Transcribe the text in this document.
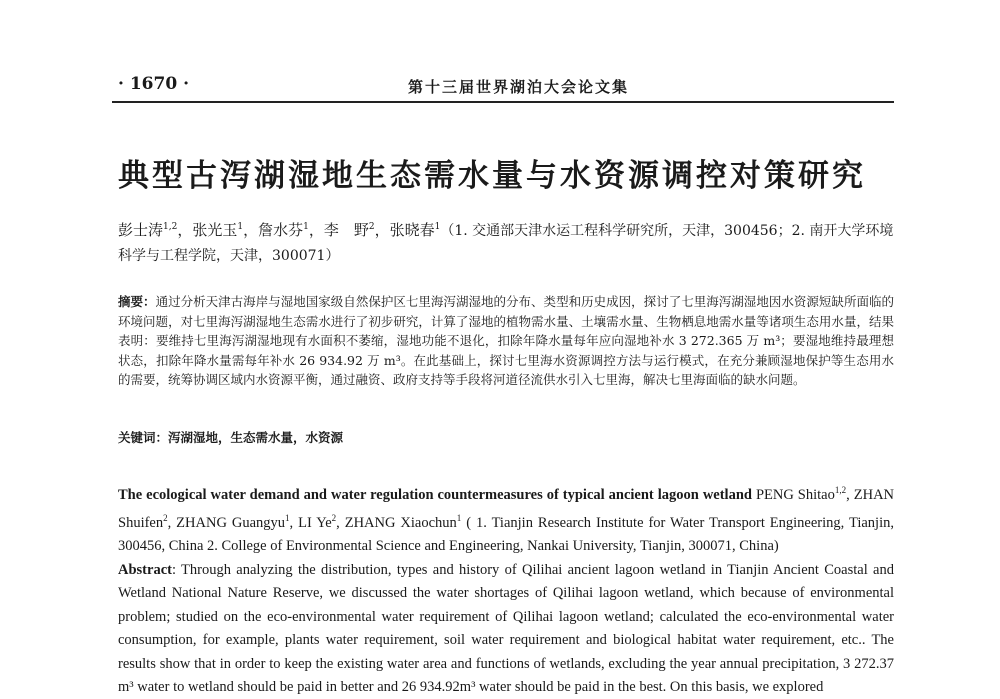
· 1670 ·	第十三届世界湖泊大会论文集
典型古泻湖湿地生态需水量与水资源调控对策研究
彭士涛$^{1,2}$，张光玉$^1$，詹水芬$^1$，李　野$^2$，张晓春$^1$（1. 交通部天津水运工程科学研究所，天津，300456；2. 南开大学环境科学与工程学院，天津，300071）
摘要：通过分析天津古海岸与湿地国家级自然保护区七里海泻湖湿地的分布、类型和历史成因，探讨了七里海泻湖湿地因水资源短缺所面临的环境问题，对七里海泻湖湿地生态需水进行了初步研究，计算了湿地的植物需水量、土壤需水量、生物栖息地需水量等诸项生态用水量，结果表明：要维持七里海泻湖湿地现有水面积不萎缩，湿地功能不退化，扣除年降水量每年应向湿地补水 3 272.365 万 m³；要湿地维持最理想状态，扣除年降水量需每年补水 26 934.92 万 m³。在此基础上，探讨七里海水资源调控方法与运行模式，在充分兼顾湿地保护等生态用水的需要，统筹协调区域内水资源平衡，通过融资、政府支持等手段将河道径流供水引入七里海，解决七里海面临的缺水问题。
关键词：泻湖湿地，生态需水量，水资源
The ecological water demand and water regulation countermeasures of typical ancient lagoon wetland PENG Shitao$^{1,2}$, ZHAN Shuifen$^2$, ZHANG Guangyu$^1$, LI Ye$^2$, ZHANG Xiaochun$^1$ ( 1. Tianjin Research Institute for Water Transport Engineering, Tianjin, 300456, China 2. College of Environmental Science and Engineering, Nankai University, Tianjin, 300071, China)
Abstract: Through analyzing the distribution, types and history of Qilihai ancient lagoon wetland in Tianjin Ancient Coastal and Wetland National Nature Reserve, we discussed the water shortages of Qilihai lagoon wetland, which because of environmental problem; studied on the eco-environmental water requirement of Qilihai lagoon wetland; calculated the eco-environmental water consumption, for example, plants water requirement, soil water requirement and biological habitat water requirement, etc.. The results show that in order to keep the existing water area and functions of wetlands, excluding the year annual precipitation, 3 272.37 m³ water to wetland should be paid in better and 26 934.92m³ water should be paid in the best. On this basis, we explored
